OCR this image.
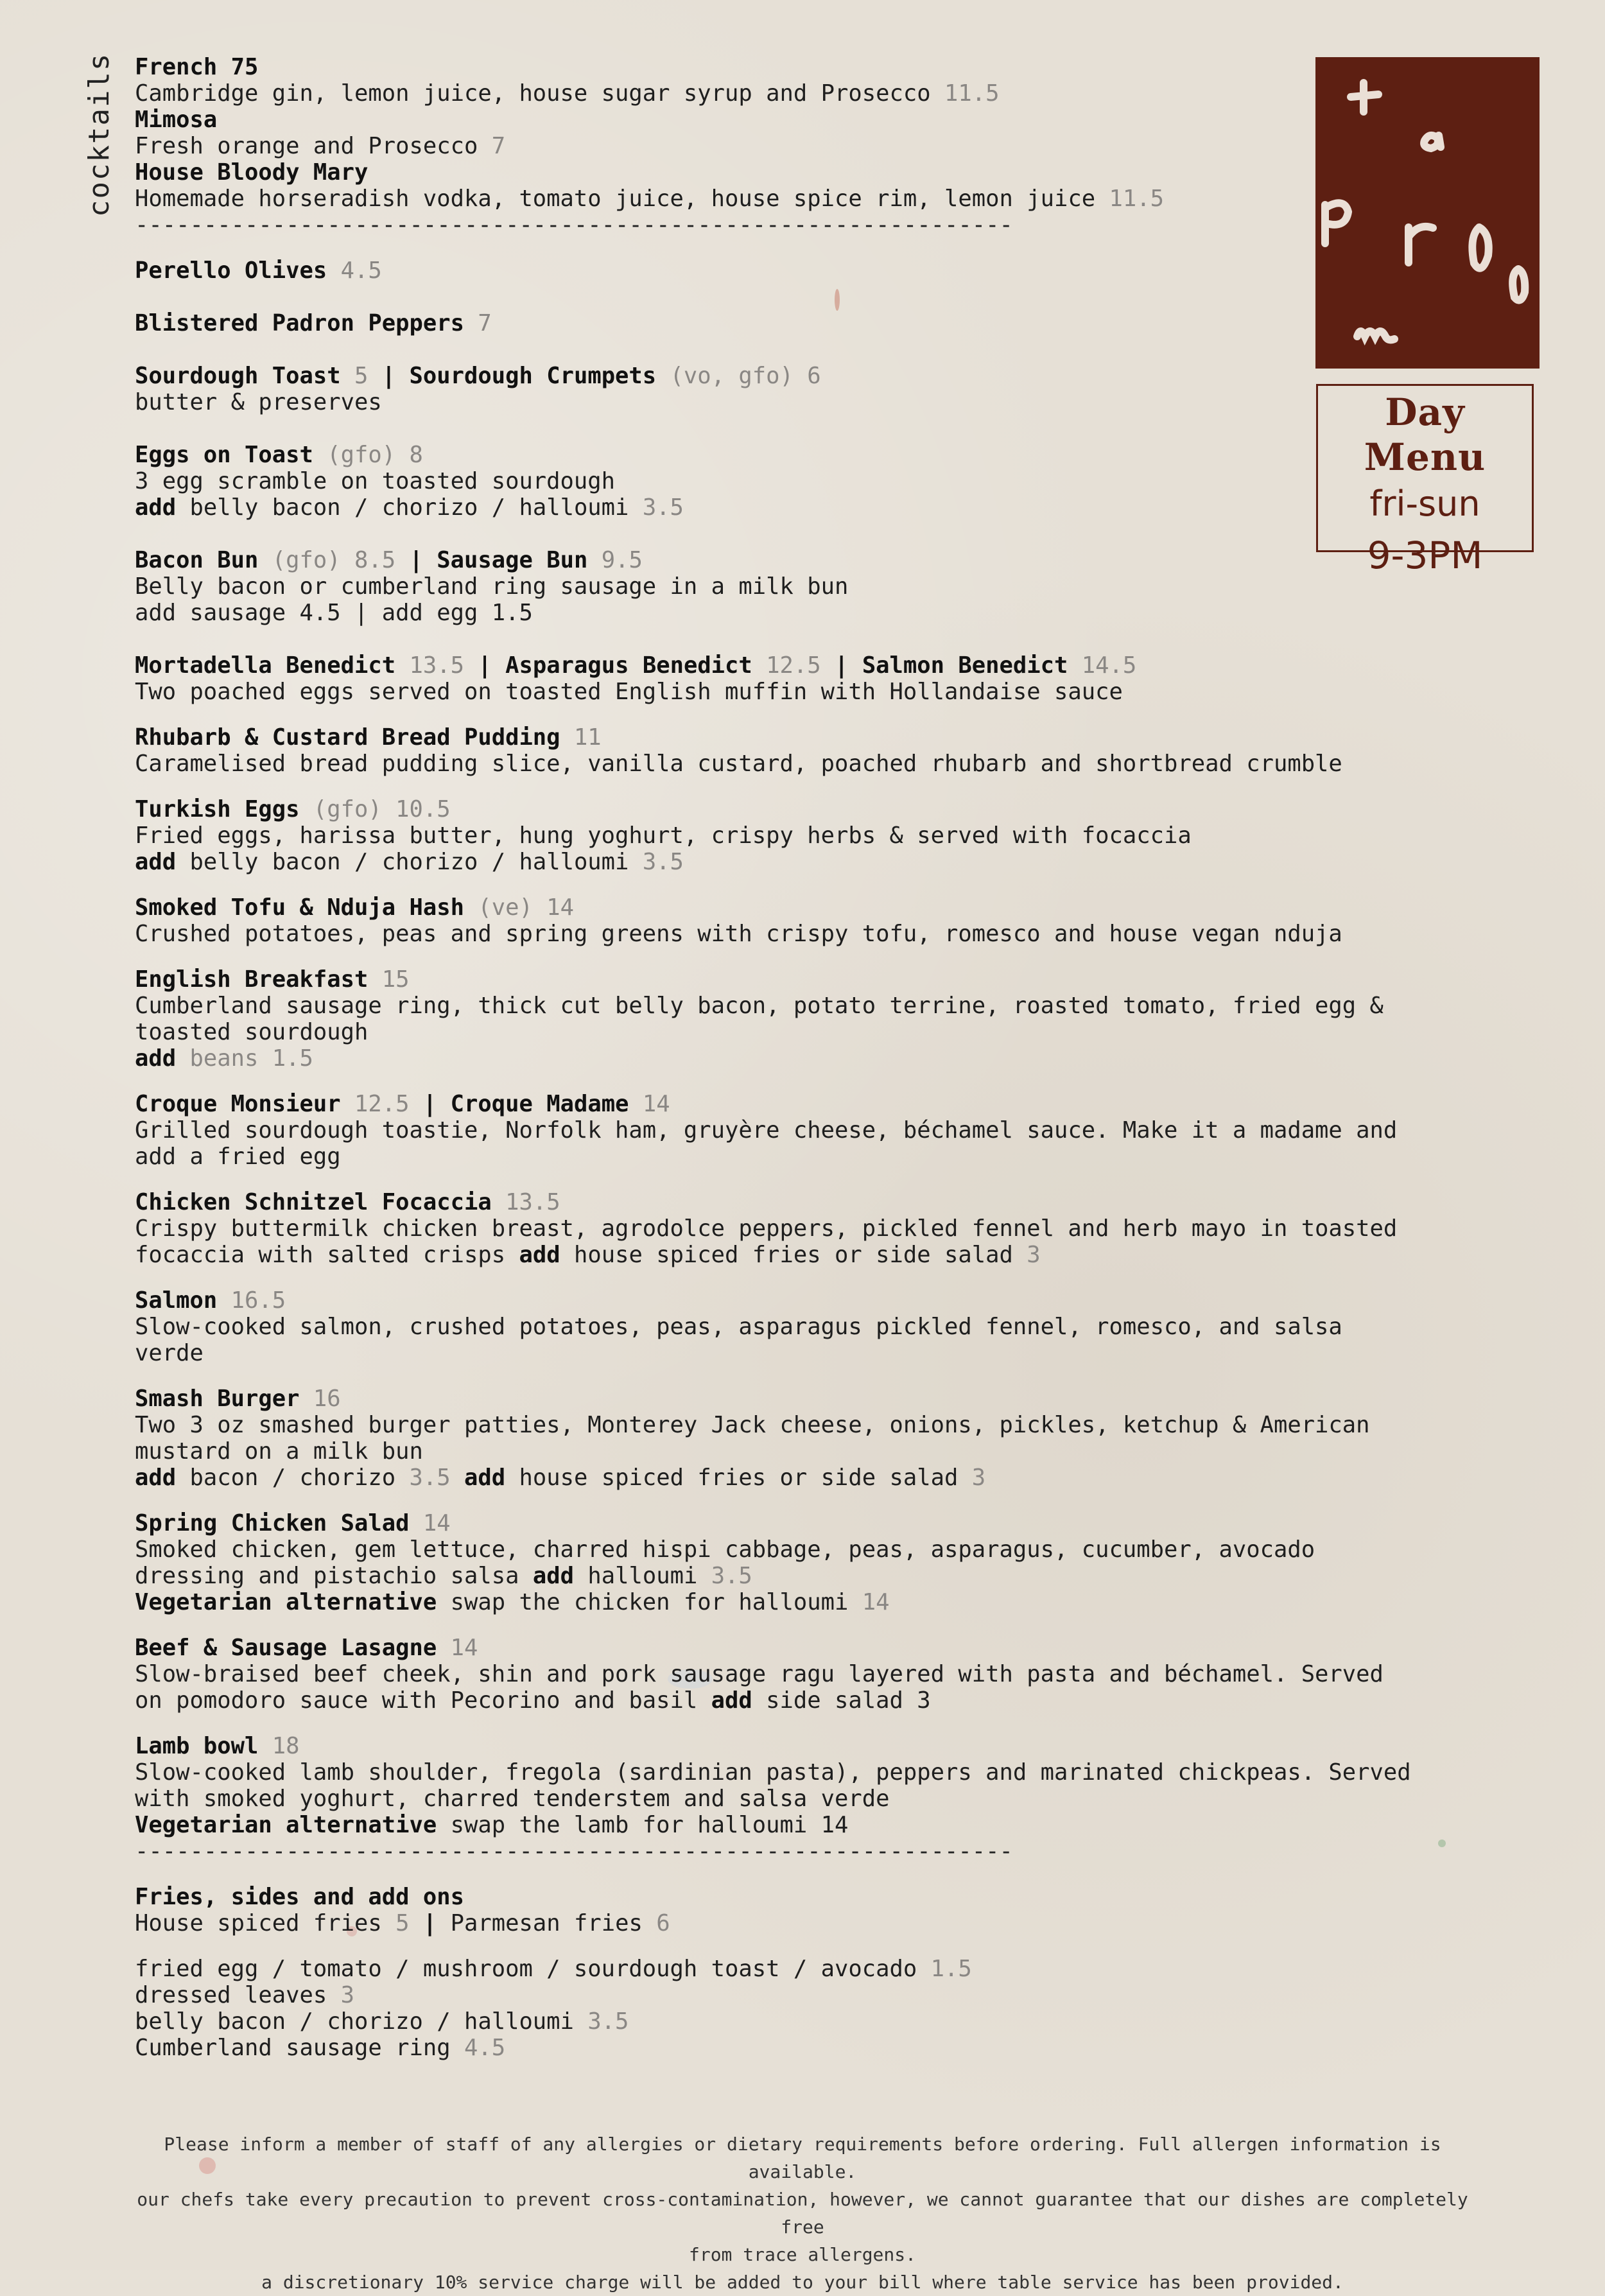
cocktails
Day Menu
fri-sun
9-3PM
French 75
Cambridge gin, lemon juice, house sugar syrup and Prosecco 11.5
Mimosa
Fresh orange and Prosecco 7
House Bloody Mary
Homemade horseradish vodka, tomato juice, house spice rim, lemon juice 11.5
----------------------------------------------------------------
Perello Olives 4.5
Blistered Padron Peppers 7
Sourdough Toast 5 | Sourdough Crumpets (vo, gfo) 6
butter & preserves
Eggs on Toast (gfo) 8
3 egg scramble on toasted sourdough
add belly bacon / chorizo / halloumi 3.5
Bacon Bun (gfo) 8.5 | Sausage Bun 9.5
Belly bacon or cumberland ring sausage in a milk bun
add sausage 4.5 | add egg 1.5
Mortadella Benedict 13.5 | Asparagus Benedict 12.5 | Salmon Benedict 14.5
Two poached eggs served on toasted English muffin with Hollandaise sauce
Rhubarb & Custard Bread Pudding 11
Caramelised bread pudding slice, vanilla custard, poached rhubarb and shortbread crumble
Turkish Eggs (gfo) 10.5
Fried eggs, harissa butter, hung yoghurt, crispy herbs & served with focaccia
add belly bacon / chorizo / halloumi 3.5
Smoked Tofu & Nduja Hash (ve) 14
Crushed potatoes, peas and spring greens with crispy tofu, romesco and house vegan nduja
English Breakfast 15
Cumberland sausage ring, thick cut belly bacon, potato terrine, roasted tomato, fried egg & toasted sourdough
add beans 1.5
Croque Monsieur 12.5 | Croque Madame 14
Grilled sourdough toastie, Norfolk ham, gruyère cheese, béchamel sauce. Make it a madame and add a fried egg
Chicken Schnitzel Focaccia 13.5
Crispy buttermilk chicken breast, agrodolce peppers, pickled fennel and herb mayo in toasted focaccia with salted crisps add house spiced fries or side salad 3
Salmon 16.5
Slow-cooked salmon, crushed potatoes, peas, asparagus pickled fennel, romesco, and salsa verde
Smash Burger 16
Two 3 oz smashed burger patties, Monterey Jack cheese, onions, pickles, ketchup & American mustard on a milk bun
add bacon / chorizo 3.5 add house spiced fries or side salad 3
Spring Chicken Salad 14
Smoked chicken, gem lettuce, charred hispi cabbage, peas, asparagus, cucumber, avocado dressing and pistachio salsa add halloumi 3.5
Vegetarian alternative swap the chicken for halloumi 14
Beef & Sausage Lasagne 14
Slow-braised beef cheek, shin and pork sausage ragu layered with pasta and béchamel. Served on pomodoro sauce with Pecorino and basil add side salad 3
Lamb bowl 18
Slow-cooked lamb shoulder, fregola (sardinian pasta), peppers and marinated chickpeas. Served with smoked yoghurt, charred tenderstem and salsa verde
Vegetarian alternative swap the lamb for halloumi 14
----------------------------------------------------------------
Fries, sides and add ons
House spiced fries 5 | Parmesan fries 6
fried egg / tomato / mushroom / sourdough toast / avocado 1.5
dressed leaves 3
belly bacon / chorizo / halloumi 3.5
Cumberland sausage ring 4.5
Please inform a member of staff of any allergies or dietary requirements before ordering. Full allergen information is available.
our chefs take every precaution to prevent cross-contamination, however, we cannot guarantee that our dishes are completely free
from trace allergens.
a discretionary 10% service charge will be added to your bill where table service has been provided.
